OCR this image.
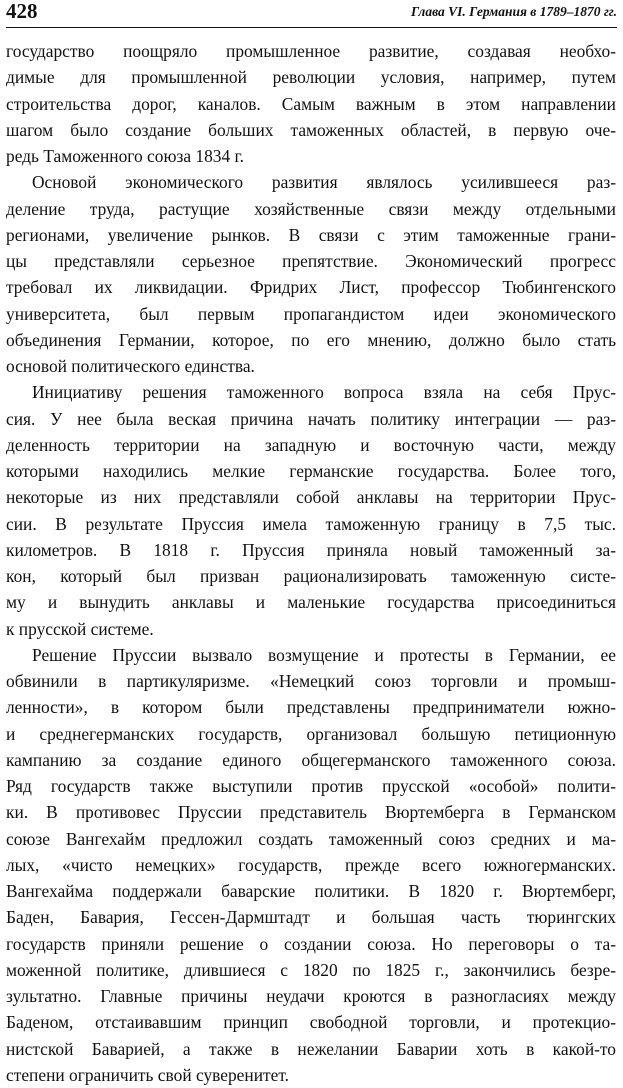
428	Глава VI. Германия в 1789–1870 гг.
государство поощряло промышленное развитие, создавая необхо-
димые для промышленной революции условия, например, путем
строительства дорог, каналов. Самым важным в этом направлении
шагом было создание больших таможенных областей, в первую оче-
редь Таможенного союза 1834 г.
Основой экономического развития являлось усилившееся раз-
деление труда, растущие хозяйственные связи между отдельными
регионами, увеличение рынков. В связи с этим таможенные грани-
цы представляли серьезное препятствие. Экономический прогресс
требовал их ликвидации. Фридрих Лист, профессор Тюбингенского
университета, был первым пропагандистом идеи экономического
объединения Германии, которое, по его мнению, должно было стать
основой политического единства.
Инициативу решения таможенного вопроса взяла на себя Прус-
сия. У нее была веская причина начать политику интеграции — раз-
деленность территории на западную и восточную части, между
которыми находились мелкие германские государства. Более того,
некоторые из них представляли собой анклавы на территории Прус-
сии. В результате Пруссия имела таможенную границу в 7,5 тыс.
километров. В 1818 г. Пруссия приняла новый таможенный за-
кон, который был призван рационализировать таможенную систе-
му и вынудить анклавы и маленькие государства присоединиться
к прусской системе.
Решение Пруссии вызвало возмущение и протесты в Германии, ее
обвинили в партикуляризме. «Немецкий союз торговли и промыш-
ленности», в котором были представлены предприниматели южно-
и среднегерманских государств, организовал большую петиционную
кампанию за создание единого общегерманского таможенного союза.
Ряд государств также выступили против прусской «особой» полити-
ки. В противовес Пруссии представитель Вюртемберга в Германском
союзе Вангехайм предложил создать таможенный союз средних и ма-
лых, «чисто немецких» государств, прежде всего южногерманских.
Вангехайма поддержали баварские политики. В 1820 г. Вюртемберг,
Баден, Бавария, Гессен-Дармштадт и большая часть тюрингских
государств приняли решение о создании союза. Но переговоры о та-
моженной политике, длившиеся с 1820 по 1825 г., закончились безре-
зультатно. Главные причины неудачи кроются в разногласиях между
Баденом, отстаивавшим принцип свободной торговли, и протекцио-
нистской Баварией, а также в нежелании Баварии хоть в какой-то
степени ограничить свой суверенитет.
